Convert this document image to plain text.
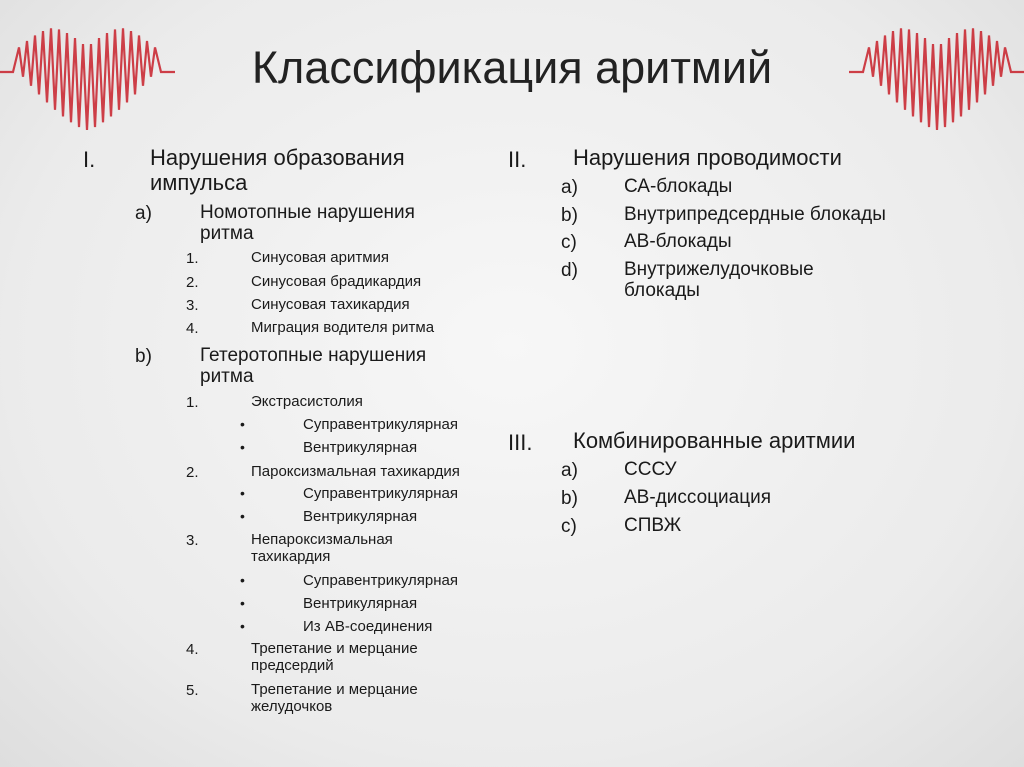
Классификация аритмий
I. Нарушения образования
импульса
a)	Номотопные нарушения
ритма
1.	Синусовая аритмия
2.	Синусовая брадикардия
3.	Синусовая тахикардия
4.	Миграция водителя ритма
b)	Гетеротопные нарушения
ритма
1.	Экстрасистолия
•	Суправентрикулярная
•	Вентрикулярная
2.	Пароксизмальная тахикардия
•	Суправентрикулярная
•	Вентрикулярная
3.	Непароксизмальная
тахикардия
•	Суправентрикулярная
•	Вентрикулярная
•	Из АВ-соединения
4.	Трепетание и мерцание
предсердий
5.	Трепетание и мерцание
желудочков
II. Нарушения проводимости
a) СА-блокады
b) Внутрипредсердные блокады
c) АВ-блокады
d) Внутрижелудочковые
блокады
III. Комбинированные аритмии
a) СССУ
b) АВ-диссоциация
c) СПВЖ
